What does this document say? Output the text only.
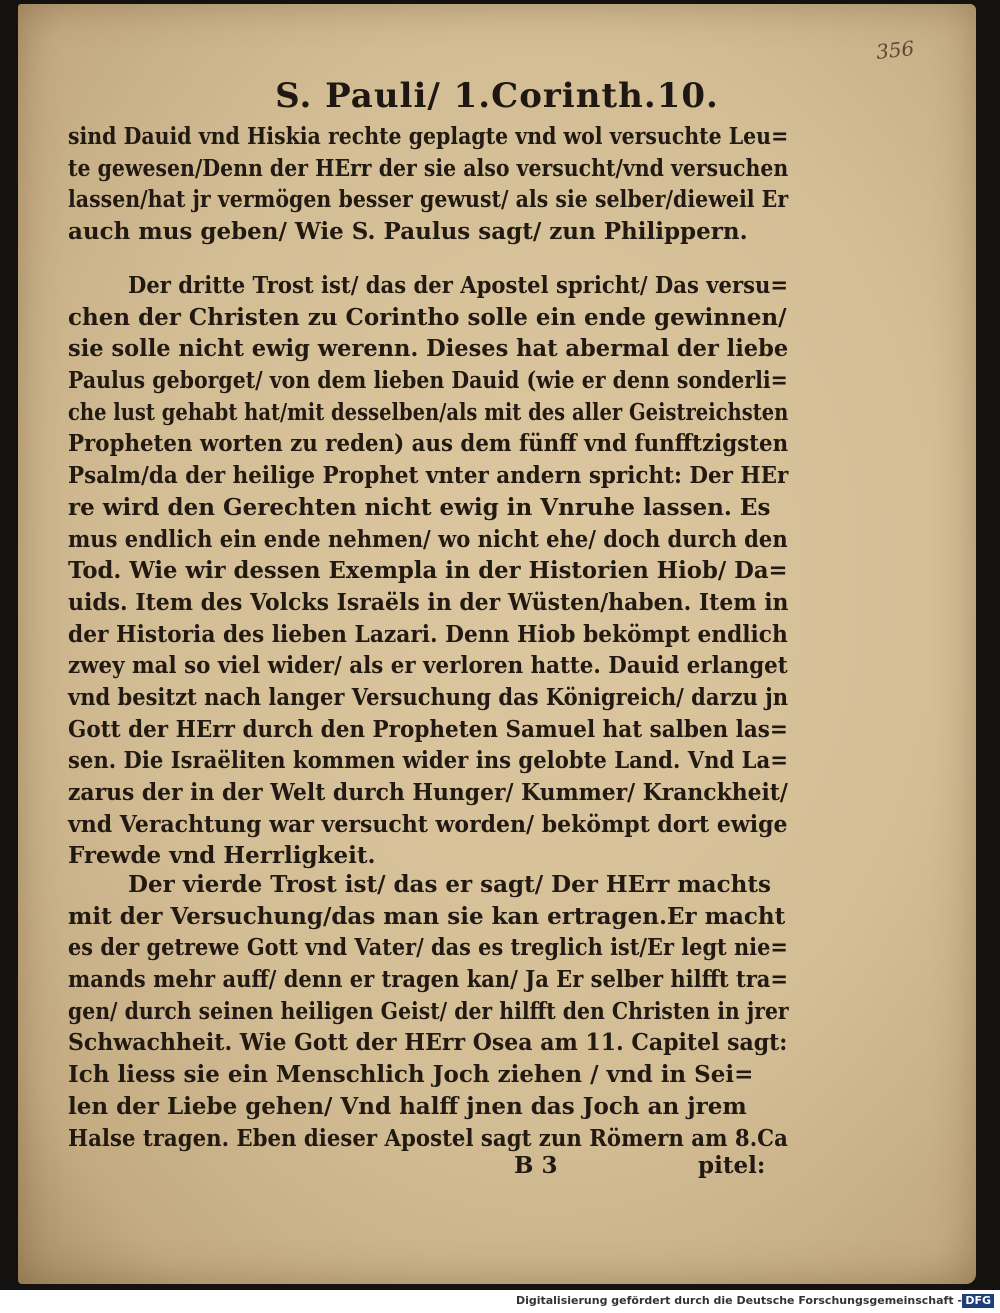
356
S. Pauli/ 1.Corinth.10.
sind Dauid vnd Hiskia rechte geplagte vnd wol versuchte Leu=
te gewesen/Denn der HErr der sie also versucht/vnd versuchen
lassen/hat jr vermögen besser gewust/ als sie selber/dieweil Er
auch mus geben/ Wie S. Paulus sagt/ zun Philippern.
Der dritte Trost ist/ das der Apostel spricht/ Das versu=
chen der Christen zu Corintho solle ein ende gewinnen/
sie solle nicht ewig werenn. Dieses hat abermal der liebe
Paulus geborget/ von dem lieben Dauid (wie er denn sonderli=
che lust gehabt hat/mit desselben/als mit des aller Geistreichsten
Propheten worten zu reden) aus dem fünff vnd funfftzigsten
Psalm/da der heilige Prophet vnter andern spricht: Der HEr
re wird den Gerechten nicht ewig in Vnruhe lassen. Es
mus endlich ein ende nehmen/ wo nicht ehe/ doch durch den
Tod. Wie wir dessen Exempla in der Historien Hiob/ Da=
uids. Item des Volcks Israëls in der Wüsten/haben. Item in
der Historia des lieben Lazari. Denn Hiob bekömpt endlich
zwey mal so viel wider/ als er verloren hatte. Dauid erlanget
vnd besitzt nach langer Versuchung das Königreich/ darzu jn
Gott der HErr durch den Propheten Samuel hat salben las=
sen. Die Israëliten kommen wider ins gelobte Land. Vnd La=
zarus der in der Welt durch Hunger/ Kummer/ Kranckheit/
vnd Verachtung war versucht worden/ bekömpt dort ewige
Frewde vnd Herrligkeit.
Der vierde Trost ist/ das er sagt/ Der HErr machts
mit der Versuchung/das man sie kan ertragen.Er macht
es der getrewe Gott vnd Vater/ das es treglich ist/Er legt nie=
mands mehr auff/ denn er tragen kan/ Ja Er selber hilfft tra=
gen/ durch seinen heiligen Geist/ der hilfft den Christen in jrer
Schwachheit. Wie Gott der HErr Osea am 11. Capitel sagt:
Ich liess sie ein Menschlich Joch ziehen / vnd in Sei=
len der Liebe gehen/ Vnd halff jnen das Joch an jrem
Halse tragen. Eben dieser Apostel sagt zun Römern am 8.Ca
B 3	pitel:
Digitalisierung gefördert durch die Deutsche Forschungsgemeinschaft - DFG
